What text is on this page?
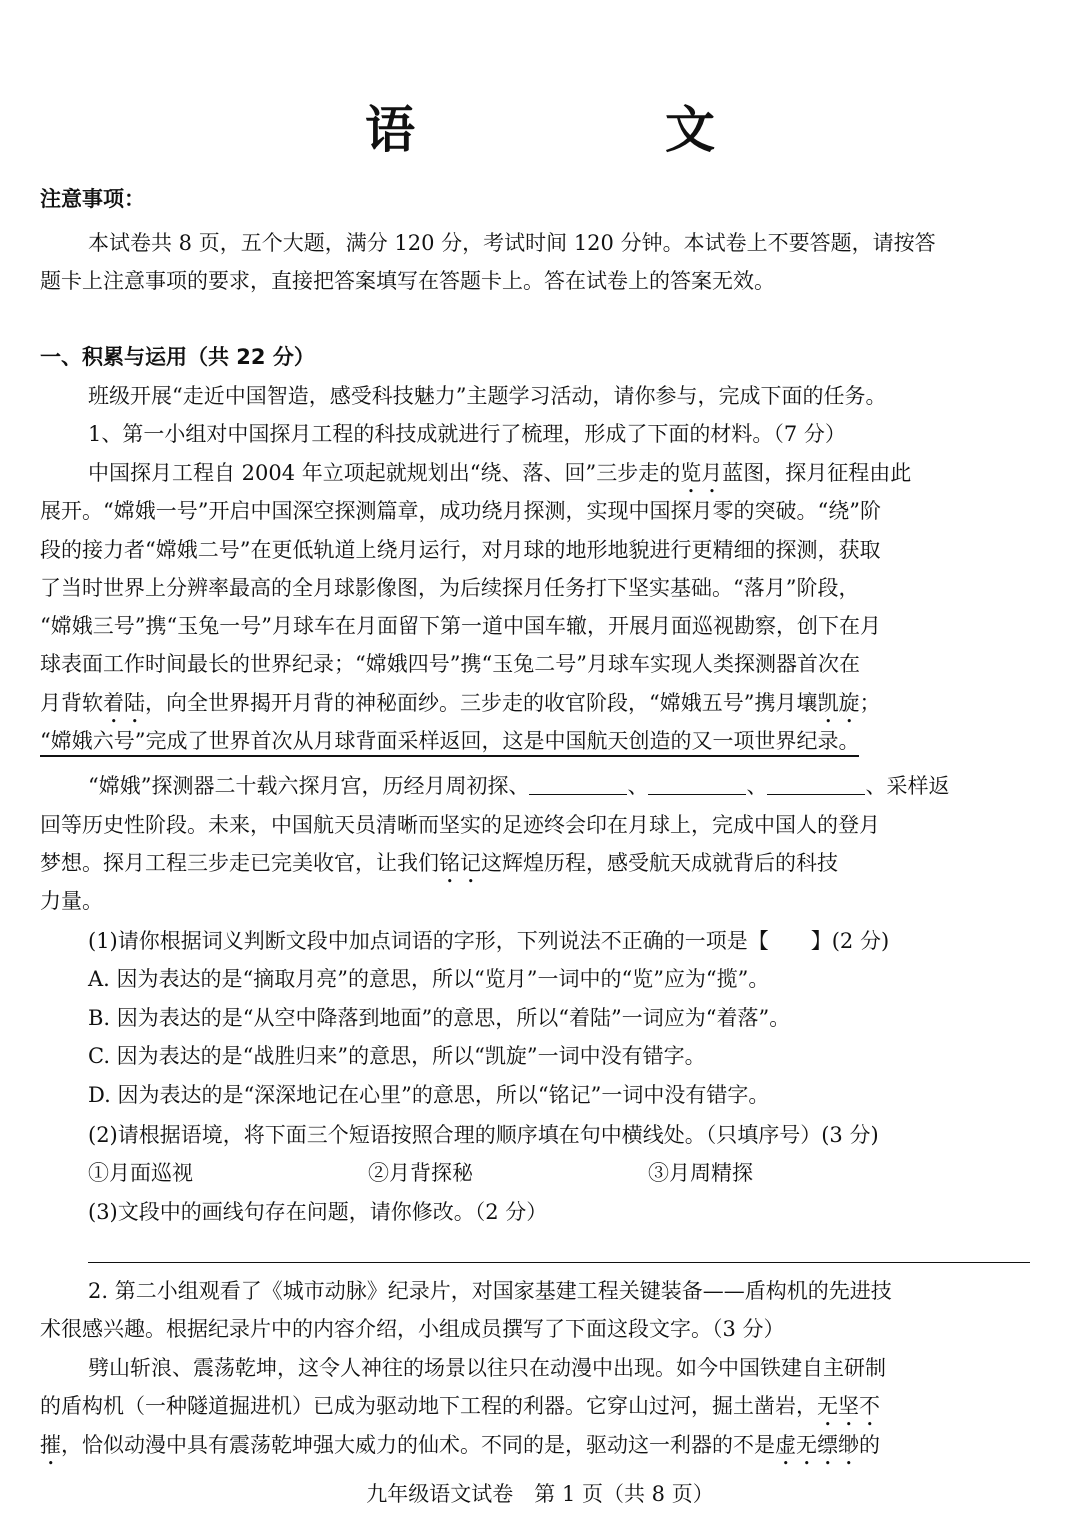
语　文
注意事项：
本试卷共 8 页，五个大题，满分 120 分，考试时间 120 分钟。本试卷上不要答题，请按答
题卡上注意事项的要求，直接把答案填写在答题卡上。答在试卷上的答案无效。
一、积累与运用（共 22 分）
班级开展“走近中国智造，感受科技魅力”主题学习活动，请你参与，完成下面的任务。
1、第一小组对中国探月工程的科技成就进行了梳理，形成了下面的材料。（7 分）
中国探月工程自 2004 年立项起就规划出“绕、落、回”三步走的览月蓝图，探月征程由此
展开。“嫦娥一号”开启中国深空探测篇章，成功绕月探测，实现中国探月零的突破。“绕”阶
段的接力者“嫦娥二号”在更低轨道上绕月运行，对月球的地形地貌进行更精细的探测，获取
了当时世界上分辨率最高的全月球影像图，为后续探月任务打下坚实基础。“落月”阶段，
“嫦娥三号”携“玉兔一号”月球车在月面留下第一道中国车辙，开展月面巡视勘察，创下在月
球表面工作时间最长的世界纪录；“嫦娥四号”携“玉兔二号”月球车实现人类探测器首次在
月背软着陆，向全世界揭开月背的神秘面纱。三步走的收官阶段，“嫦娥五号”携月壤凯旋；
“嫦娥六号”完成了世界首次从月球背面采样返回，这是中国航天创造的又一项世界纪录。
“嫦娥”探测器二十载六探月宫，历经月周初探、	、	、	、采样返
回等历史性阶段。未来，中国航天员清晰而坚实的足迹终会印在月球上，完成中国人的登月
梦想。探月工程三步走已完美收官，让我们铭记这辉煌历程，感受航天成就背后的科技
力量。
(1)请你根据词义判断文段中加点词语的字形，下列说法不正确的一项是【　　】(2 分)
A. 因为表达的是“摘取月亮”的意思，所以“览月”一词中的“览”应为“揽”。
B. 因为表达的是“从空中降落到地面”的意思，所以“着陆”一词应为“着落”。
C. 因为表达的是“战胜归来”的意思，所以“凯旋”一词中没有错字。
D. 因为表达的是“深深地记在心里”的意思，所以“铭记”一词中没有错字。
(2)请根据语境，将下面三个短语按照合理的顺序填在句中横线处。（只填序号）(3 分)
①月面巡视	②月背探秘	③月周精探
(3)文段中的画线句存在问题，请你修改。（2 分）
2. 第二小组观看了《城市动脉》纪录片，对国家基建工程关键装备——盾构机的先进技
术很感兴趣。根据纪录片中的内容介绍，小组成员撰写了下面这段文字。（3 分）
劈山斩浪、震荡乾坤，这令人神往的场景以往只在动漫中出现。如今中国铁建自主研制
的盾构机（一种隧道掘进机）已成为驱动地下工程的利器。它穿山过河，掘土凿岩，无坚不
摧，恰似动漫中具有震荡乾坤强大威力的仙术。不同的是，驱动这一利器的不是虚无缥缈的
九年级语文试卷　第 1 页（共 8 页）
